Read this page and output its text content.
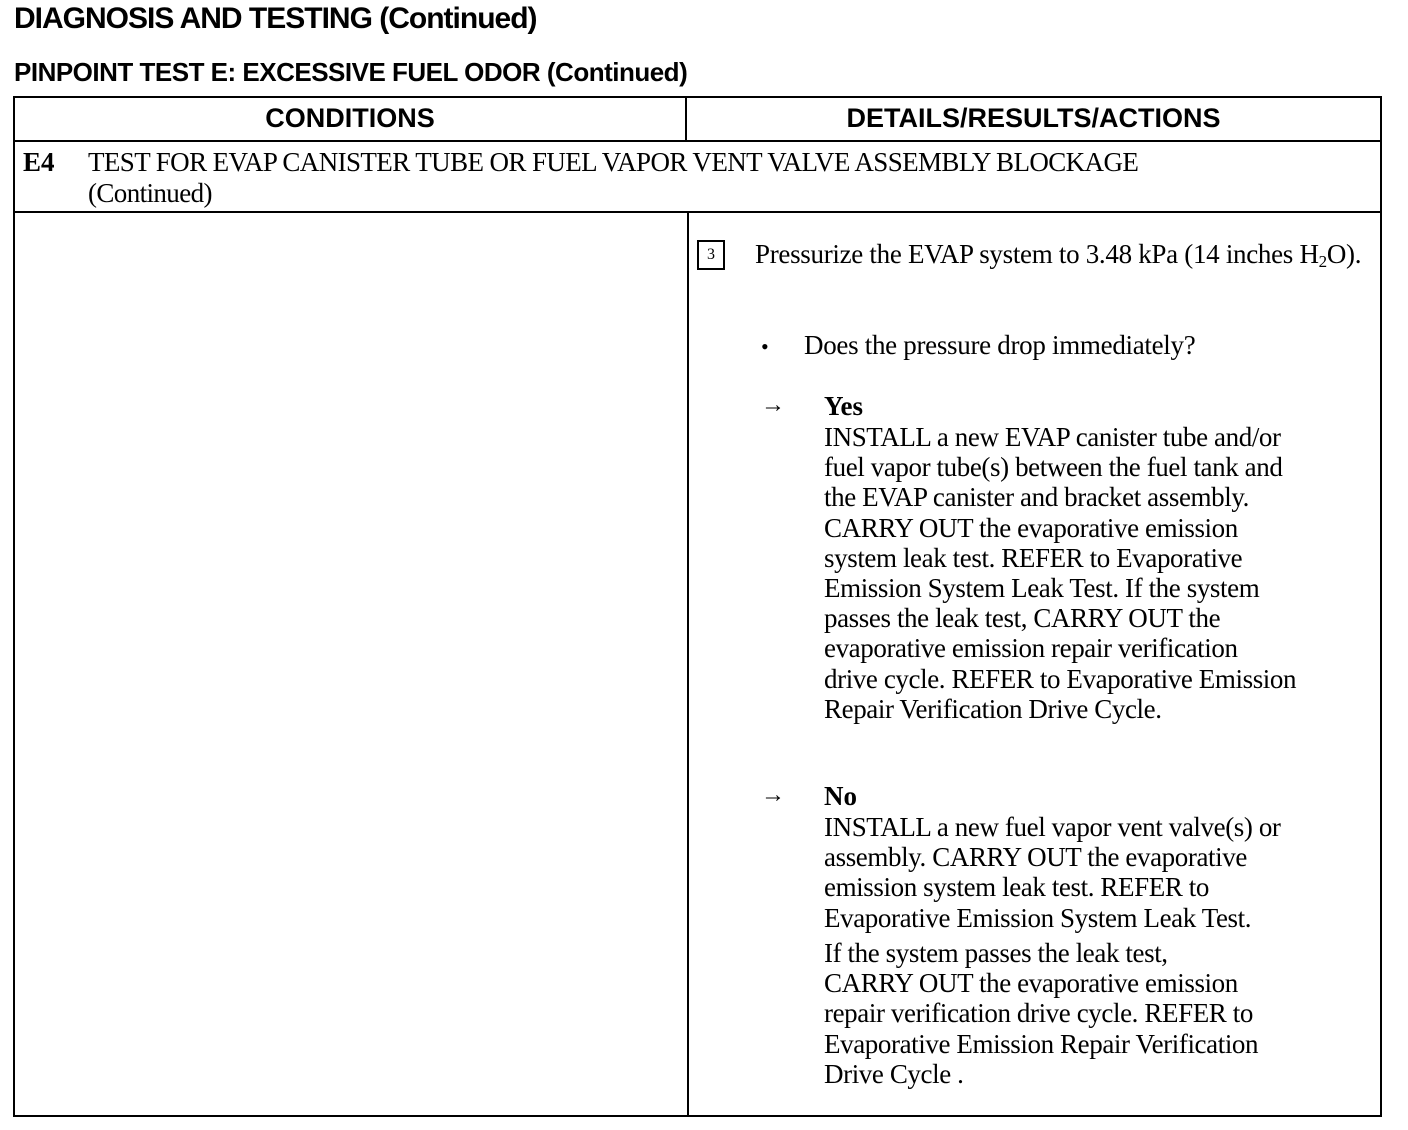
DIAGNOSIS AND TESTING (Continued)
PINPOINT TEST E: EXCESSIVE FUEL ODOR (Continued)
CONDITIONS	DETAILS/RESULTS/ACTIONS
E4 TEST FOR EVAP CANISTER TUBE OR FUEL VAPOR VENT VALVE ASSEMBLY BLOCKAGE
(Continued)
3	Pressurize the EVAP system to 3.48 kPa (14 inches $H_2O$).
• Does the pressure drop immediately?
→ Yes
INSTALL a new EVAP canister tube and/or
fuel vapor tube(s) between the fuel tank and
the EVAP canister and bracket assembly.
CARRY OUT the evaporative emission
system leak test. REFER to Evaporative
Emission System Leak Test. If the system
passes the leak test, CARRY OUT the
evaporative emission repair verification
drive cycle. REFER to Evaporative Emission
Repair Verification Drive Cycle.
→ No
INSTALL a new fuel vapor vent valve(s) or
assembly. CARRY OUT the evaporative
emission system leak test. REFER to
Evaporative Emission System Leak Test.
If the system passes the leak test,
CARRY OUT the evaporative emission
repair verification drive cycle. REFER to
Evaporative Emission Repair Verification
Drive Cycle .
